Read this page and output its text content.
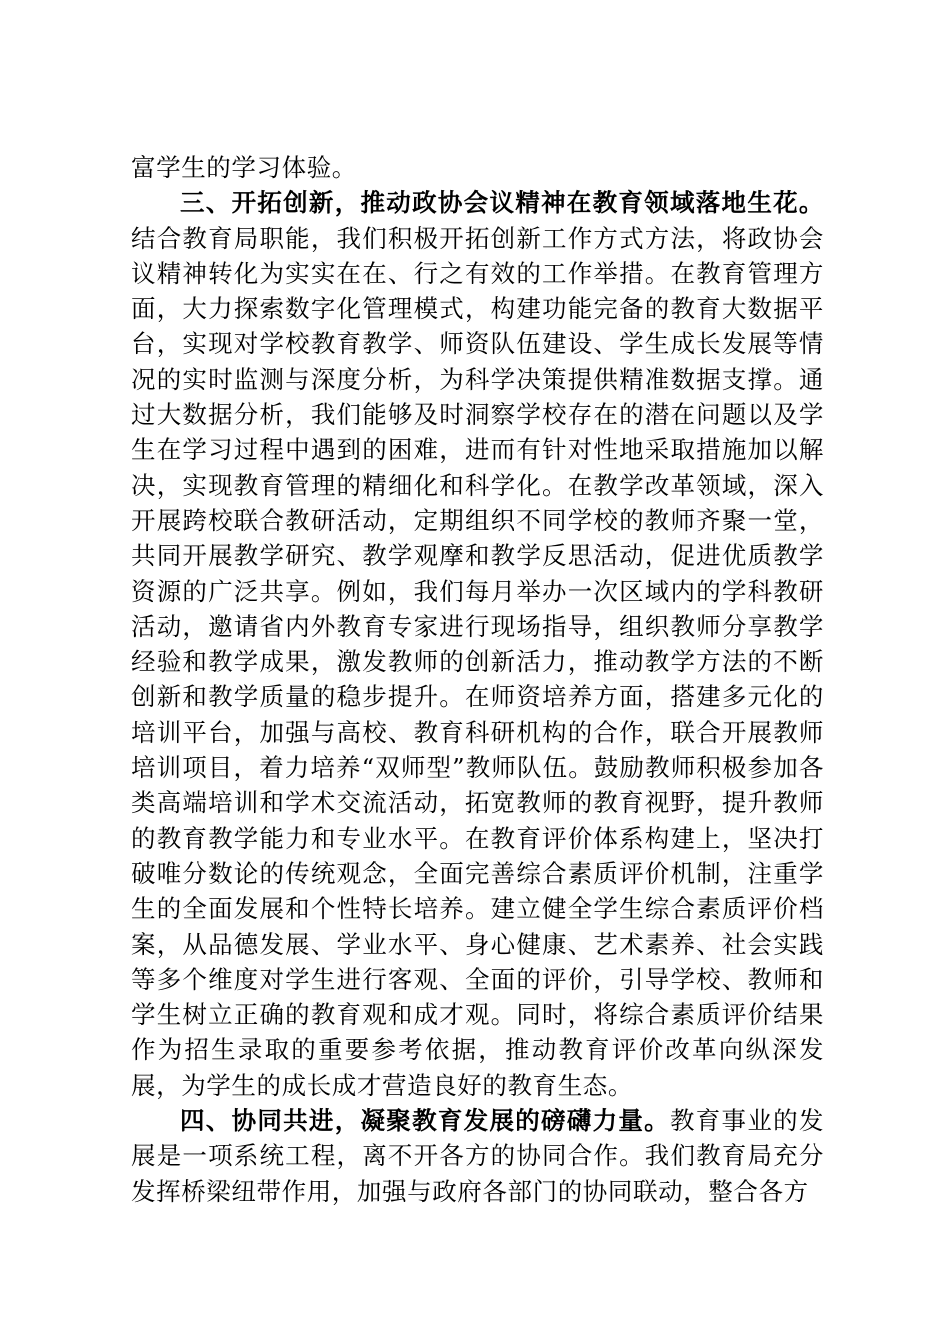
富学生的学习体验。

三、开拓创新，推动政协会议精神在教育领域落地生花。结合教育局职能，我们积极开拓创新工作方式方法，将政协会议精神转化为实实在在、行之有效的工作举措。在教育管理方面，大力探索数字化管理模式，构建功能完备的教育大数据平台，实现对学校教育教学、师资队伍建设、学生成长发展等情况的实时监测与深度分析，为科学决策提供精准数据支撑。通过大数据分析，我们能够及时洞察学校存在的潜在问题以及学生在学习过程中遇到的困难，进而有针对性地采取措施加以解决，实现教育管理的精细化和科学化。在教学改革领域，深入开展跨校联合教研活动，定期组织不同学校的教师齐聚一堂，共同开展教学研究、教学观摩和教学反思活动，促进优质教学资源的广泛共享。例如，我们每月举办一次区域内的学科教研活动，邀请省内外教育专家进行现场指导，组织教师分享教学经验和教学成果，激发教师的创新活力，推动教学方法的不断创新和教学质量的稳步提升。在师资培养方面，搭建多元化的培训平台，加强与高校、教育科研机构的合作，联合开展教师培训项目，着力培养“双师型”教师队伍。鼓励教师积极参加各类高端培训和学术交流活动，拓宽教师的教育视野，提升教师的教育教学能力和专业水平。在教育评价体系构建上，坚决打破唯分数论的传统观念，全面完善综合素质评价机制，注重学生的全面发展和个性特长培养。建立健全学生综合素质评价档案，从品德发展、学业水平、身心健康、艺术素养、社会实践等多个维度对学生进行客观、全面的评价，引导学校、教师和学生树立正确的教育观和成才观。同时，将综合素质评价结果作为招生录取的重要参考依据，推动教育评价改革向纵深发展，为学生的成长成才营造良好的教育生态。

四、协同共进，凝聚教育发展的磅礴力量。教育事业的发展是一项系统工程，离不开各方的协同合作。我们教育局充分发挥桥梁纽带作用，加强与政府各部门的协同联动，整合各方
